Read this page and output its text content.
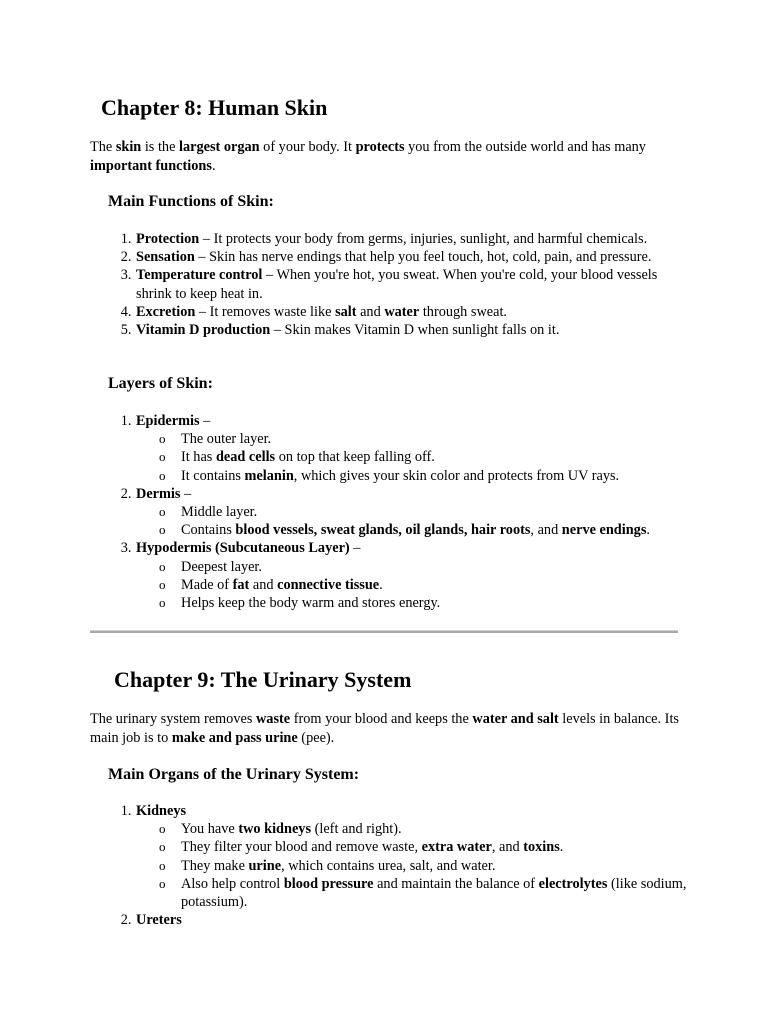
Chapter 8: Human Skin

The skin is the largest organ of your body. It protects you from the outside world and has many important functions.

Main Functions of Skin:
1. Protection – It protects your body from germs, injuries, sunlight, and harmful chemicals.
2. Sensation – Skin has nerve endings that help you feel touch, hot, cold, pain, and pressure.
3. Temperature control – When you're hot, you sweat. When you're cold, your blood vessels shrink to keep heat in.
4. Excretion – It removes waste like salt and water through sweat.
5. Vitamin D production – Skin makes Vitamin D when sunlight falls on it.
Layers of Skin:
1. Epidermis –
o The outer layer.
o It has dead cells on top that keep falling off.
o It contains melanin, which gives your skin color and protects from UV rays.
2. Dermis –
o Middle layer.
o Contains blood vessels, sweat glands, oil glands, hair roots, and nerve endings.
3. Hypodermis (Subcutaneous Layer) –
o Deepest layer.
o Made of fat and connective tissue.
o Helps keep the body warm and stores energy.
Chapter 9: The Urinary System

The urinary system removes waste from your blood and keeps the water and salt levels in balance. Its main job is to make and pass urine (pee).

Main Organs of the Urinary System:
1. Kidneys
o You have two kidneys (left and right).
o They filter your blood and remove waste, extra water, and toxins.
o They make urine, which contains urea, salt, and water.
o Also help control blood pressure and maintain the balance of electrolytes (like sodium, potassium).
2. Ureters
